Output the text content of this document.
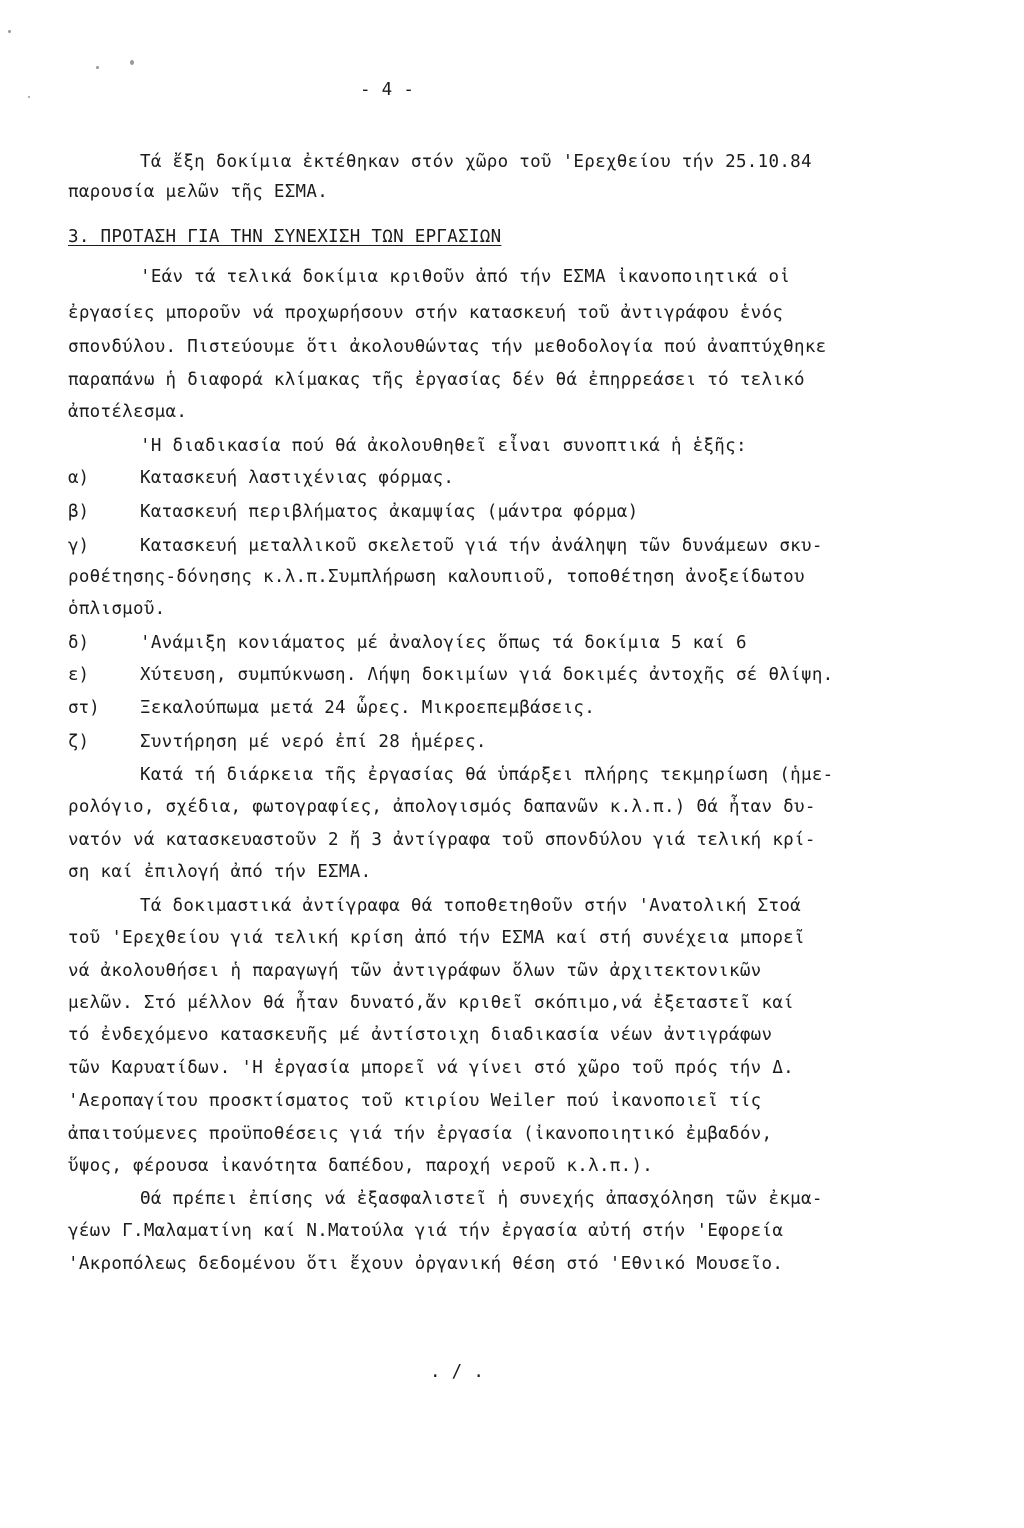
- 4 -
Τά ἔξη δοκίμια ἐκτέθηκαν στόν χῶρο τοῦ 'Ερεχθείου τήν 25.10.84
παρουσία μελῶν τῆς ΕΣΜΑ.
3. ΠΡΟΤΑΣΗ ΓΙΑ ΤΗΝ ΣΥΝΕΧΙΣΗ ΤΩΝ ΕΡΓΑΣΙΩΝ
'Εάν τά τελικά δοκίμια κριθοῦν ἀπό τήν ΕΣΜΑ ἰκανοποιητικά οἱ
ἐργασίες μποροῦν νά προχωρήσουν στήν κατασκευή τοῦ ἀντιγράφου ἑνός
σπονδύλου. Πιστεύουμε ὅτι ἀκολουθώντας τήν μεθοδολογία πού ἀναπτύχθηκε
παραπάνω ἡ διαφορά κλίμακας τῆς ἐργασίας δέν θά ἐπηρρεάσει τό τελικό
ἀποτέλεσμα.
'Η διαδικασία πού θά ἀκολουθηθεῖ εἶναι συνοπτικά ἡ ἑξῆς:
α)	Κατασκευή λαστιχένιας φόρμας.
β)	Κατασκευή περιβλήματος ἀκαμψίας (μάντρα φόρμα)
γ)	Κατασκευή μεταλλικοῦ σκελετοῦ γιά τήν ἀνάληψη τῶν δυνάμεων σκυ-
ροθέτησης-δόνησης κ.λ.π.Συμπλήρωση καλουπιοῦ, τοποθέτηση ἀνοξείδωτου
ὁπλισμοῦ.
δ)	'Ανάμιξη κονιάματος μέ ἀναλογίες ὅπως τά δοκίμια 5 καί 6
ε)	Χύτευση, συμπύκνωση. Λήψη δοκιμίων γιά δοκιμές ἀντοχῆς σέ θλίψη.
στ) Ξεκαλούπωμα μετά 24 ὧρες. Μικροεπεμβάσεις.
ζ)	Συντήρηση μέ νερό ἐπί 28 ἡμέρες.
Κατά τή διάρκεια τῆς ἐργασίας θά ὑπάρξει πλήρης τεκμηρίωση (ἡμε-
ρολόγιο, σχέδια, φωτογραφίες, ἀπολογισμός δαπανῶν κ.λ.π.) Θά ἦταν δυ-
νατόν νά κατασκευαστοῦν 2 ἤ 3 ἀντίγραφα τοῦ σπονδύλου γιά τελική κρί-
ση καί ἐπιλογή ἀπό τήν ΕΣΜΑ.
Τά δοκιμαστικά ἀντίγραφα θά τοποθετηθοῦν στήν 'Ανατολική Στοά
τοῦ 'Ερεχθείου γιά τελική κρίση ἀπό τήν ΕΣΜΑ καί στή συνέχεια μπορεῖ
νά ἀκολουθήσει ἡ παραγωγή τῶν ἀντιγράφων ὅλων τῶν ἀρχιτεκτονικῶν
μελῶν. Στό μέλλον θά ἦταν δυνατό,ἄν κριθεῖ σκόπιμο,νά ἐξεταστεῖ καί
τό ἐνδεχόμενο κατασκευῆς μέ ἀντίστοιχη διαδικασία νέων ἀντιγράφων
τῶν Καρυατίδων. 'Η ἐργασία μπορεῖ νά γίνει στό χῶρο τοῦ πρός τήν Δ.
'Αεροπαγίτου προσκτίσματος τοῦ κτιρίου Weiler πού ἰκανοποιεῖ τίς
ἀπαιτούμενες προϋποθέσεις γιά τήν ἐργασία (ἰκανοποιητικό ἐμβαδόν,
ὕψος, φέρουσα ἰκανότητα δαπέδου, παροχή νεροῦ κ.λ.π.).
Θά πρέπει ἐπίσης νά ἐξασφαλιστεῖ ἡ συνεχής ἀπασχόληση τῶν ἐκμα-
γέων Γ.Μαλαματίνη καί Ν.Ματούλα γιά τήν ἐργασία αὐτή στήν 'Εφορεία
'Ακροπόλεως δεδομένου ὅτι ἔχουν ὀργανική θέση στό 'Εθνικό Μουσεῖο.
. / .
